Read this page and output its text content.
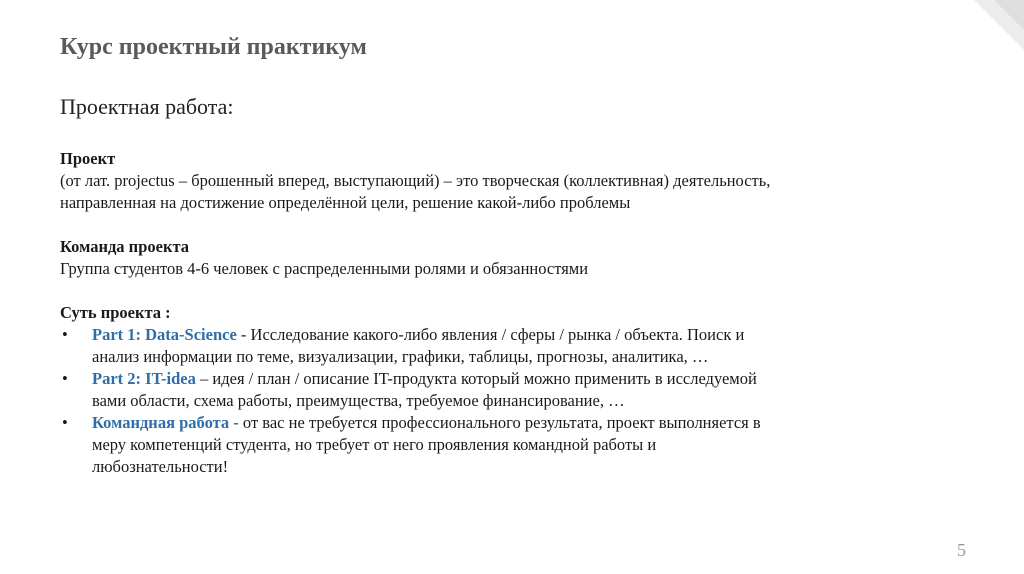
Курс проектный практикум
Проектная работа:

Проект

(от лат. projectus – брошенный вперед, выступающий) – это творческая (коллективная) деятельность,

направленная на достижение определённой цели, решение какой-либо проблемы

Команда проекта

Группа студентов 4-6 человек с распределенными ролями и обязанностями

Суть проекта :

• Part 1: Data-Science - Исследование какого-либо явления / сферы / рынка / объекта. Поиск и
анализ информации по теме, визуализации, графики, таблицы, прогнозы, аналитика, …
• Part 2: IT-idea – идея / план / описание IT-продукта который можно применить в исследуемой
вами области, схема работы, преимущества, требуемое финансирование, …
• Командная работа - от вас не требуется профессионального результата, проект выполняется в
меру компетенций студента, но требует от него проявления командной работы и
любознательности!
5
